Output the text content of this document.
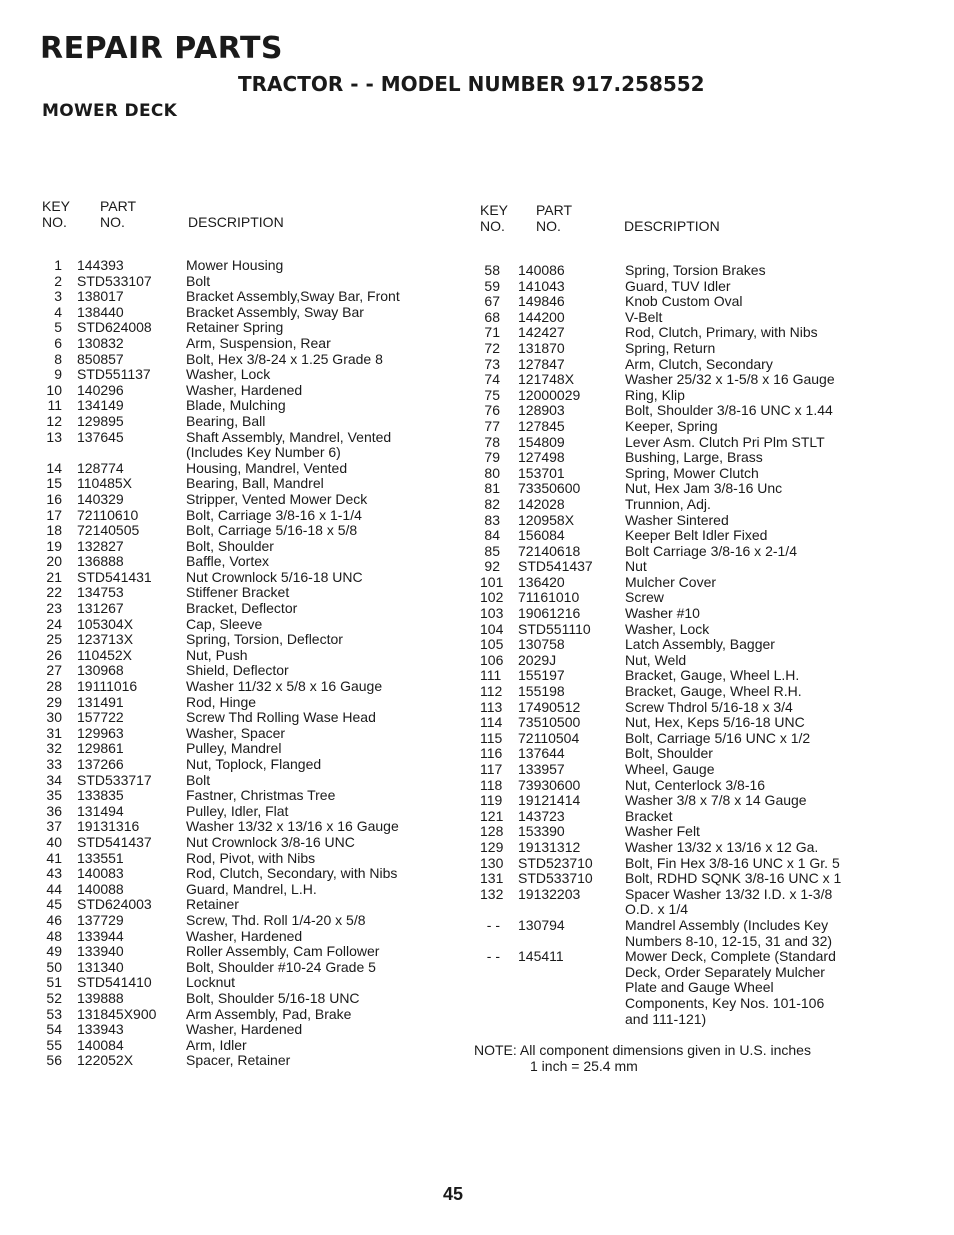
REPAIR PARTS
TRACTOR - - MODEL NUMBER 917.258552
MOWER DECK
KEY
NO.
PART
NO.	DESCRIPTION
KEY
NO.
PART
NO.	DESCRIPTION
1 144393	Mower Housing
2 STD533107 Bolt
3 138017	Bracket Assembly,Sway Bar, Front
4 138440	Bracket Assembly, Sway Bar
5 STD624008 Retainer Spring
6 130832	Arm, Suspension, Rear
8 850857	Bolt, Hex 3/8-24 x 1.25 Grade 8
9 STD551137	Washer, Lock
10 140296	Washer, Hardened
11 134149	Blade, Mulching
12 129895	Bearing, Ball
13 137645	Shaft Assembly, Mandrel, Vented
(Includes Key Number 6)
14 128774	Housing, Mandrel, Vented
15 110485X	Bearing, Ball, Mandrel
16 140329	Stripper, Vented Mower Deck
17 72110610	Bolt, Carriage 3/8-16 x 1-1/4
18 72140505	Bolt, Carriage 5/16-18 x 5/8
19 132827	Bolt, Shoulder
20 136888	Baffle, Vortex
21 STD541431 Nut Crownlock 5/16-18 UNC
22 134753	Stiffener Bracket
23 131267	Bracket, Deflector
24 105304X	Cap, Sleeve
25 123713X	Spring, Torsion, Deflector
26 110452X	Nut, Push
27 130968	Shield, Deflector
28 19111016	Washer 11/32 x 5/8 x 16 Gauge
29 131491	Rod, Hinge
30 157722	Screw Thd Rolling Wase Head
31 129963	Washer, Spacer
32 129861	Pulley, Mandrel
33 137266	Nut, Toplock, Flanged
34 STD533717 Bolt
35 133835	Fastner, Christmas Tree
36 131494	Pulley, Idler, Flat
37 19131316	Washer 13/32 x 13/16 x 16 Gauge
40 STD541437 Nut Crownlock 3/8-16 UNC
41 133551	Rod, Pivot, with Nibs
43 140083	Rod, Clutch, Secondary, with Nibs
44 140088	Guard, Mandrel, L.H.
45 STD624003 Retainer
46 137729	Screw, Thd. Roll 1/4-20 x 5/8
48 133944	Washer, Hardened
49 133940	Roller Assembly, Cam Follower
50 131340	Bolt, Shoulder #10-24 Grade 5
51 STD541410 Locknut
52 139888	Bolt, Shoulder 5/16-18 UNC
53 131845X900 Arm Assembly, Pad, Brake
54 133943	Washer, Hardened
55 140084	Arm, Idler
56 122052X	Spacer, Retainer
58 140086	Spring, Torsion Brakes
59 141043	Guard, TUV Idler
67 149846	Knob Custom Oval
68 144200	V-Belt
71 142427	Rod, Clutch, Primary, with Nibs
72 131870	Spring, Return
73 127847	Arm, Clutch, Secondary
74 121748X	Washer 25/32 x 1-5/8 x 16 Gauge
75 12000029	Ring, Klip
76 128903	Bolt, Shoulder 3/8-16 UNC x 1.44
77 127845	Keeper, Spring
78 154809	Lever Asm. Clutch Pri Plm STLT
79 127498	Bushing, Large, Brass
80 153701	Spring, Mower Clutch
81 73350600	Nut, Hex Jam 3/8-16 Unc
82 142028	Trunnion, Adj.
83 120958X	Washer Sintered
84 156084	Keeper Belt Idler Fixed
85 72140618	Bolt Carriage 3/8-16 x 2-1/4
92 STD541437 Nut
101 136420	Mulcher Cover
102 71161010	Screw
103 19061216	Washer #10
104 STD551110 Washer, Lock
105 130758	Latch Assembly, Bagger
106 2029J	Nut, Weld
111 155197	Bracket, Gauge, Wheel L.H.
112 155198	Bracket, Gauge, Wheel R.H.
113 17490512	Screw Thdrol 5/16-18 x 3/4
114 73510500	Nut, Hex, Keps 5/16-18 UNC
115 72110504	Bolt, Carriage 5/16 UNC x 1/2
116 137644	Bolt, Shoulder
117 133957	Wheel, Gauge
118 73930600	Nut, Centerlock 3/8-16
119 19121414	Washer 3/8 x 7/8 x 14 Gauge
121 143723	Bracket
128 153390	Washer Felt
129 19131312	Washer 13/32 x 13/16 x 12 Ga.
130 STD523710 Bolt, Fin Hex 3/8-16 UNC x 1 Gr. 5
131 STD533710 Bolt, RDHD SQNK 3/8-16 UNC x 1
132 19132203	Spacer Washer 13/32 I.D. x 1-3/8
O.D. x 1/4
- - 130794	Mandrel Assembly (Includes Key
Numbers 8-10, 12-15, 31 and 32)
- - 145411	Mower Deck, Complete (Standard
Deck, Order Separately Mulcher
Plate and Gauge Wheel
Components, Key Nos. 101-106
and 111-121)
NOTE: All component dimensions given in U.S. inches
1 inch = 25.4 mm
45
